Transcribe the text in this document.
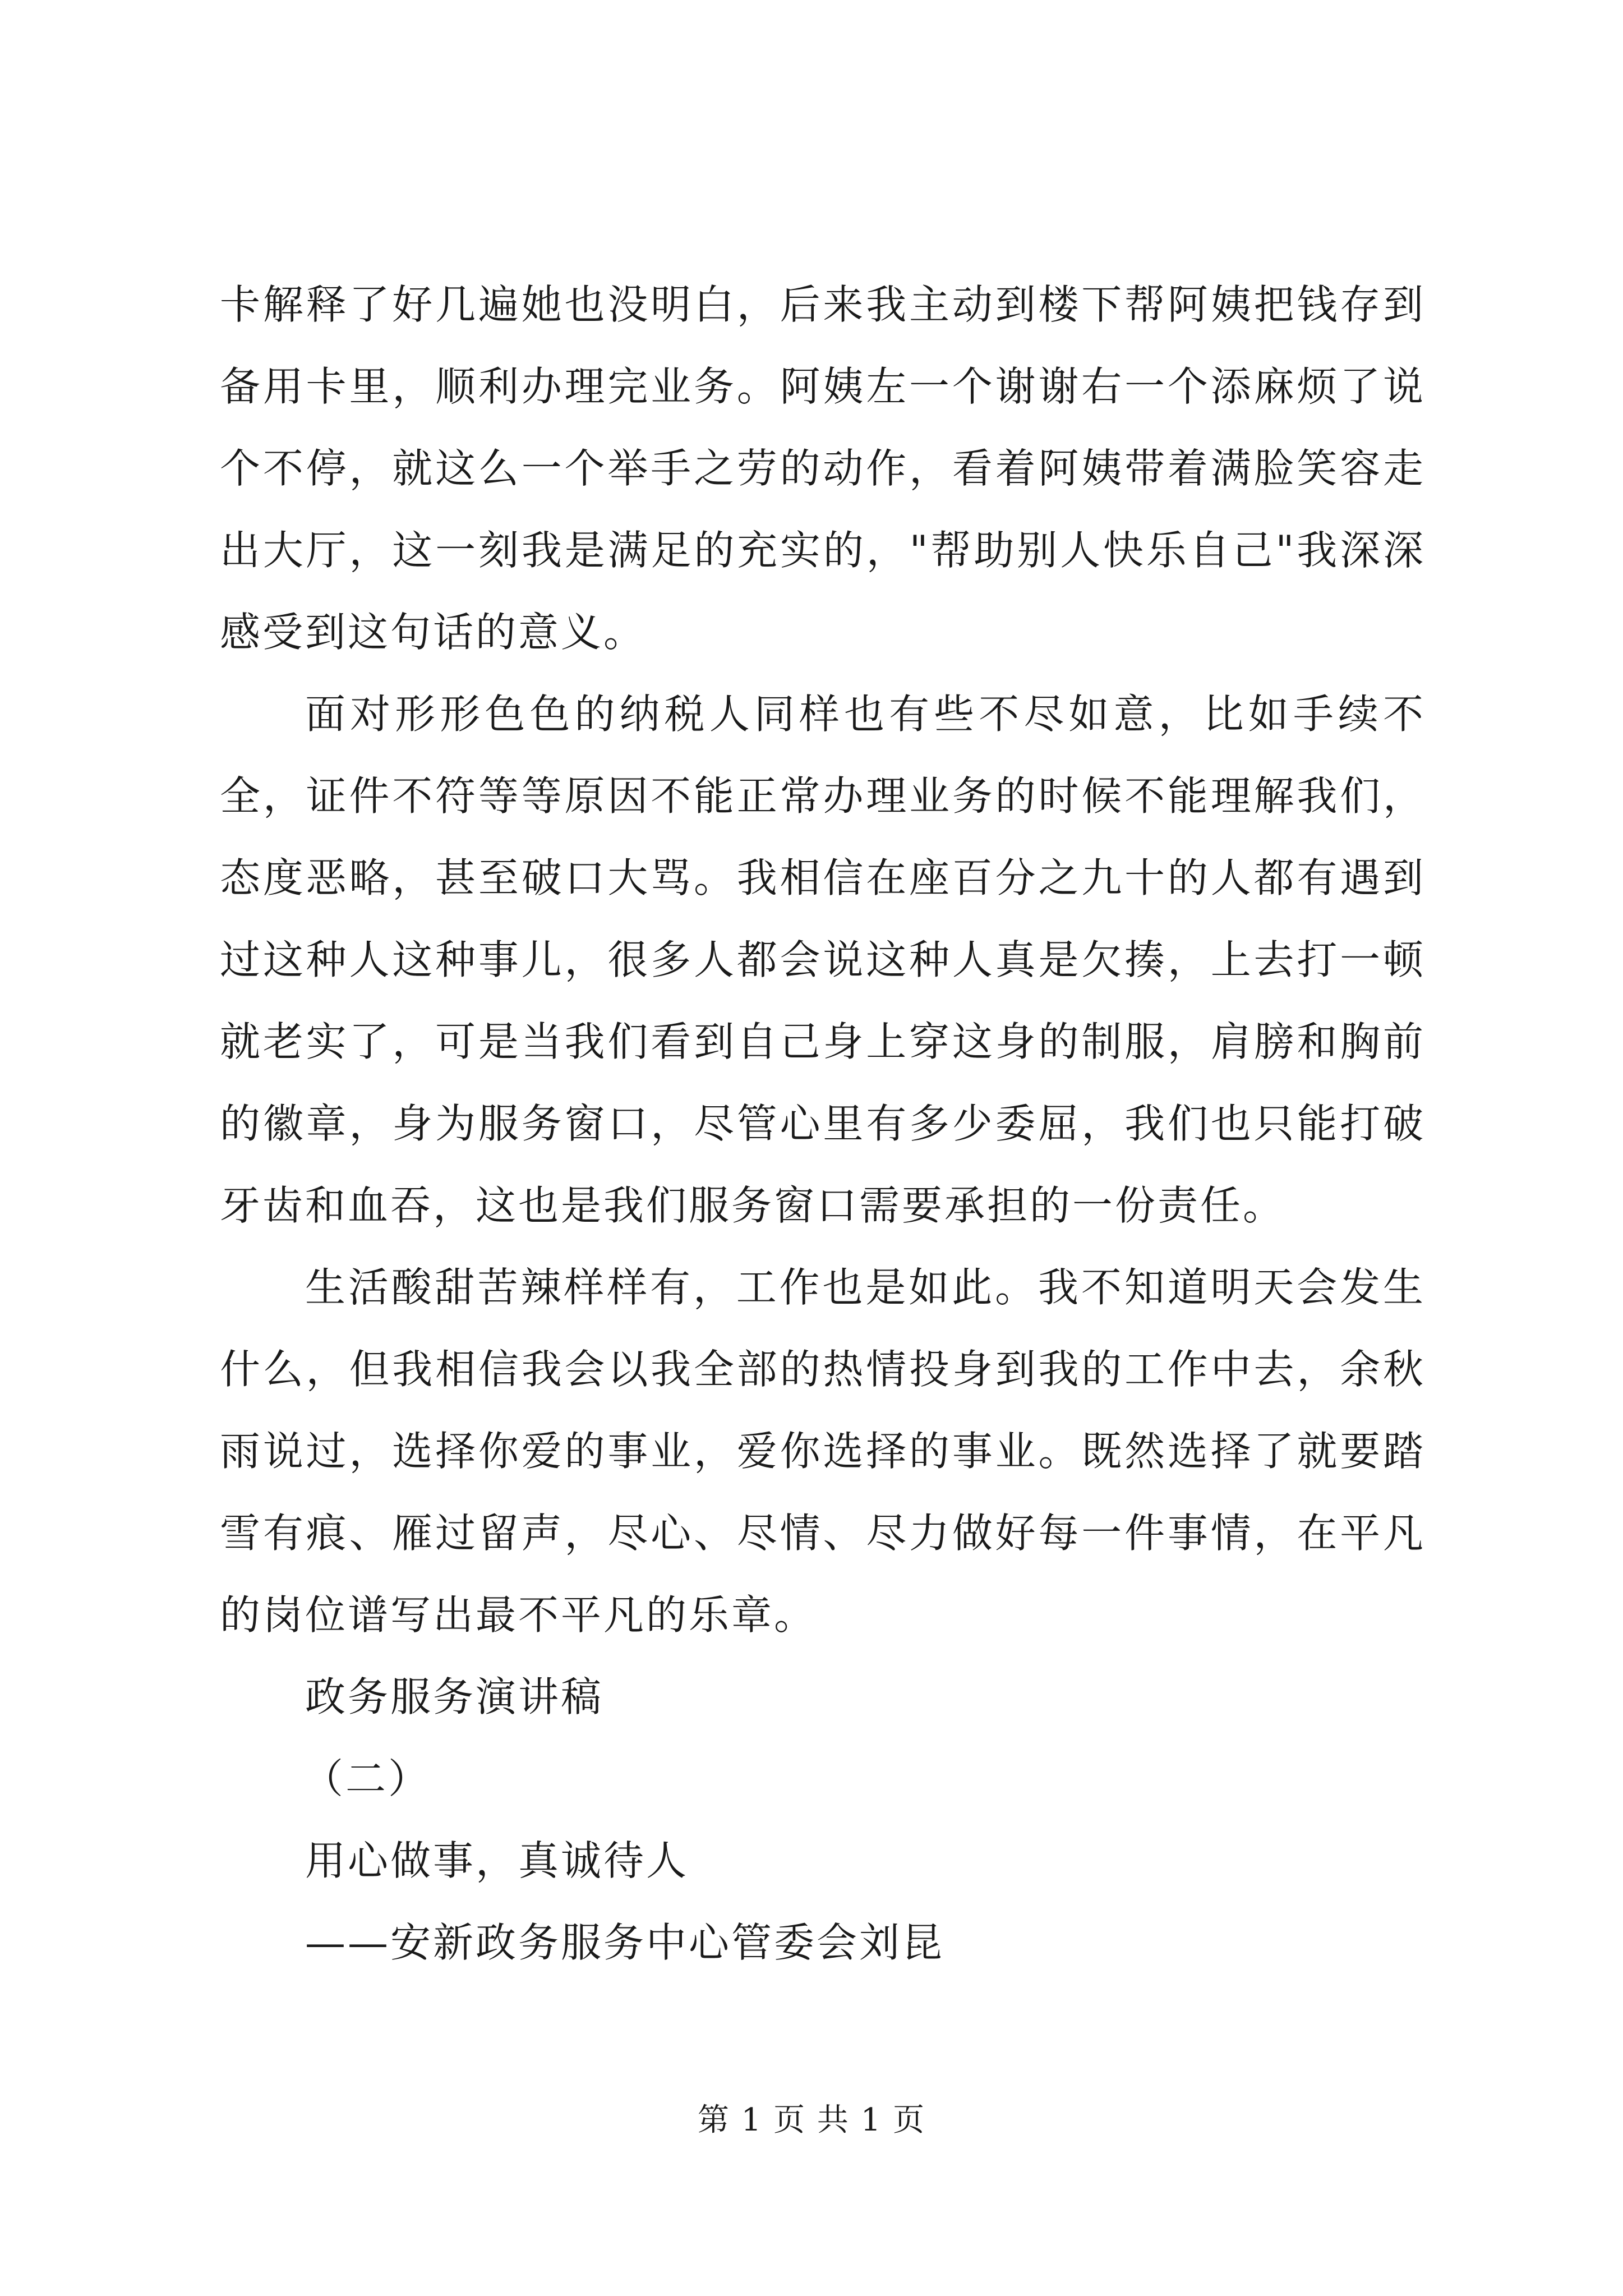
卡解释了好几遍她也没明白，后来我主动到楼下帮阿姨把钱存到备用卡里，顺利办理完业务。阿姨左一个谢谢右一个添麻烦了说个不停，就这么一个举手之劳的动作，看着阿姨带着满脸笑容走出大厅，这一刻我是满足的充实的，"帮助别人快乐自己"我深深感受到这句话的意义。

面对形形色色的纳税人同样也有些不尽如意，比如手续不全，证件不符等等原因不能正常办理业务的时候不能理解我们，态度恶略，甚至破口大骂。我相信在座百分之九十的人都有遇到过这种人这种事儿，很多人都会说这种人真是欠揍，上去打一顿就老实了，可是当我们看到自己身上穿这身的制服，肩膀和胸前的徽章，身为服务窗口，尽管心里有多少委屈，我们也只能打破牙齿和血吞，这也是我们服务窗口需要承担的一份责任。

生活酸甜苦辣样样有，工作也是如此。我不知道明天会发生什么，但我相信我会以我全部的热情投身到我的工作中去，余秋雨说过，选择你爱的事业，爱你选择的事业。既然选择了就要踏雪有痕、雁过留声，尽心、尽情、尽力做好每一件事情，在平凡的岗位谱写出最不平凡的乐章。

政务服务演讲稿

（二）

用心做事，真诚待人

——安新政务服务中心管委会刘昆

第 1 页 共 1 页
